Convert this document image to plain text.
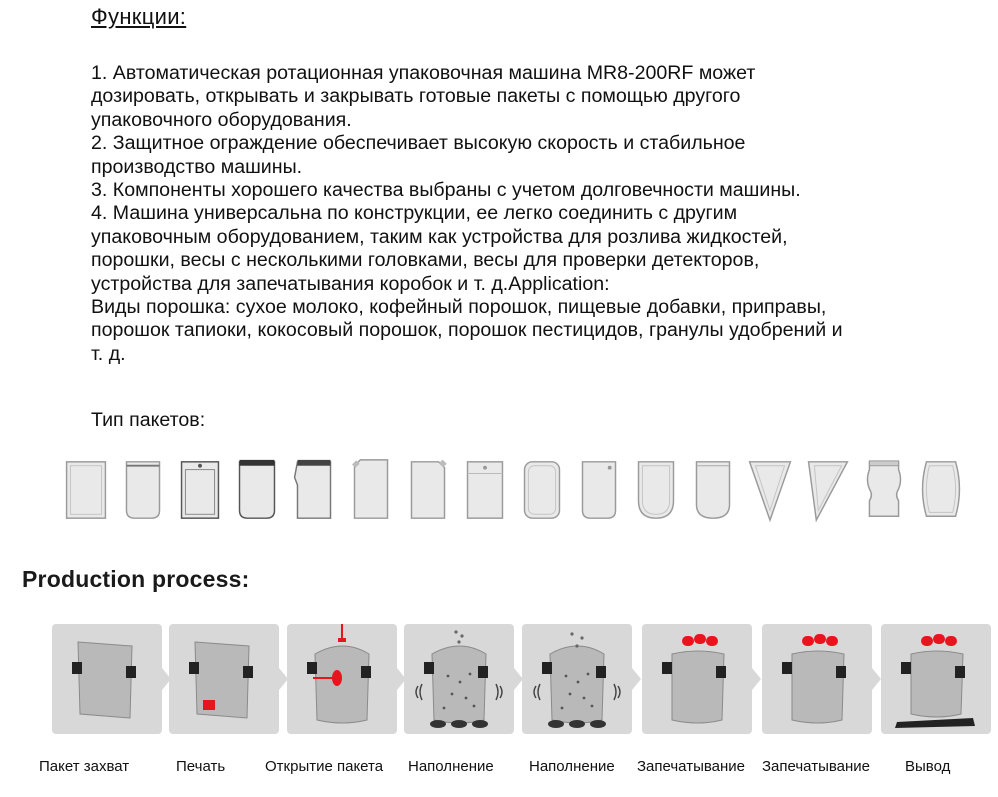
Функции:
1. Автоматическая ротационная упаковочная машина MR8-200RF может
дозировать, открывать и закрывать готовые пакеты с помощью другого
упаковочного оборудования.
2. Защитное ограждение обеспечивает высокую скорость и стабильное
производство машины.
3. Компоненты хорошего качества выбраны с учетом долговечности машины.
4. Машина универсальна по конструкции, ее легко соединить с другим
упаковочным оборудованием, таким как устройства для розлива жидкостей,
порошки, весы с несколькими головками, весы для проверки детекторов,
устройства для запечатывания коробок и т. д.Application:
Виды порошка: сухое молоко, кофейный порошок, пищевые добавки, приправы,
порошок тапиоки, кокосовый порошок, порошок пестицидов, гранулы удобрений и
т. д.
Тип пакетов:
Production process:
Пакет захват	Печать	Открытие пакета Наполнение Наполнение Запечатывание Запечатывание Вывод
